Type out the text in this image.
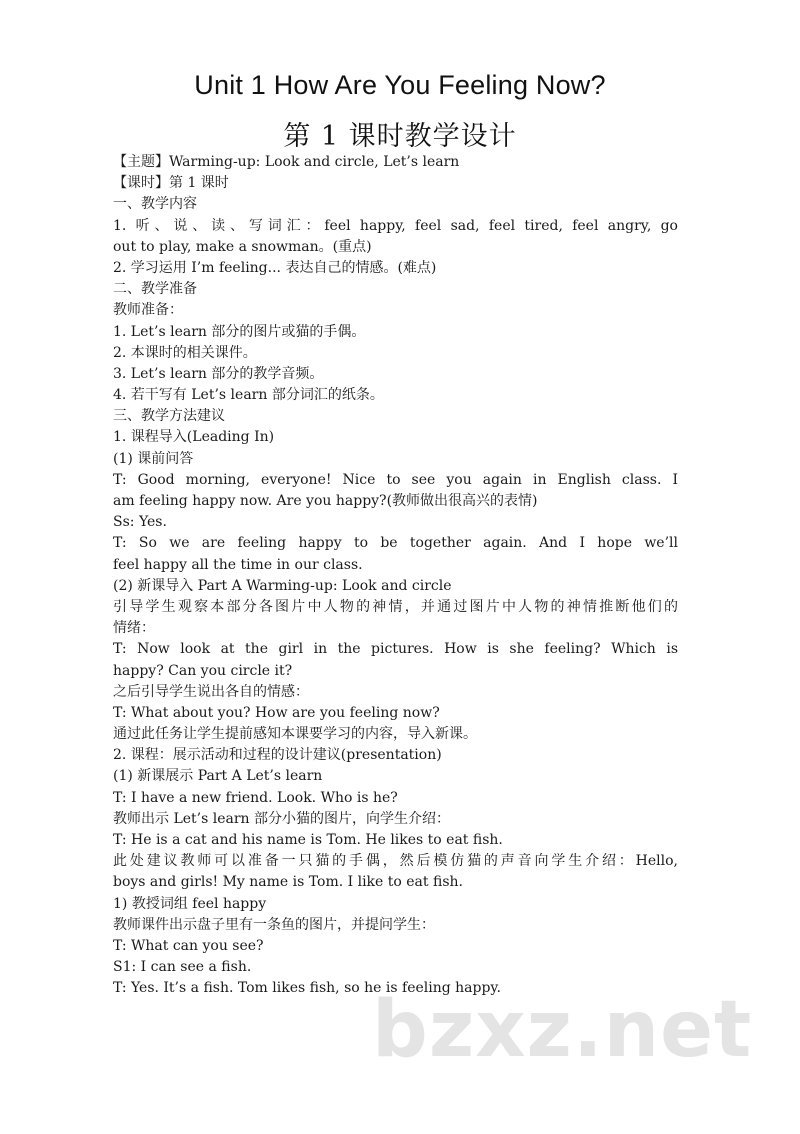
Unit 1 How Are You Feeling Now?
第 1 课时教学设计
【主题】Warming-up: Look and circle, Let’s learn
【课时】第 1 课时
一、教学内容
1. 听、说、读、写词汇：feel happy, feel sad, feel tired, feel angry, go
out to play, make a snowman。(重点)
2. 学习运用 I’m feeling... 表达自己的情感。(难点)
二、教学准备
教师准备：
1. Let’s learn 部分的图片或猫的手偶。
2. 本课时的相关课件。
3. Let’s learn 部分的教学音频。
4. 若干写有 Let’s learn 部分词汇的纸条。
三、教学方法建议
1. 课程导入(Leading In)
(1) 课前问答
T: Good morning, everyone! Nice to see you again in English class. I
am feeling happy now. Are you happy?(教师做出很高兴的表情)
Ss: Yes.
T: So we are feeling happy to be together again. And I hope we’ll
feel happy all the time in our class.
(2) 新课导入 Part A Warming-up: Look and circle
引导学生观察本部分各图片中人物的神情，并通过图片中人物的神情推断他们的
情绪：
T: Now look at the girl in the pictures. How is she feeling? Which is
happy? Can you circle it?
之后引导学生说出各自的情感：
T: What about you? How are you feeling now?
通过此任务让学生提前感知本课要学习的内容，导入新课。
2. 课程：展示活动和过程的设计建议(presentation)
(1) 新课展示 Part A Let’s learn
T: I have a new friend. Look. Who is he?
教师出示 Let’s learn 部分小猫的图片，向学生介绍：
T: He is a cat and his name is Tom. He likes to eat fish.
此处建议教师可以准备一只猫的手偶，然后模仿猫的声音向学生介绍：Hello,
boys and girls! My name is Tom. I like to eat fish.
1) 教授词组 feel happy
教师课件出示盘子里有一条鱼的图片，并提问学生：
T: What can you see?
S1: I can see a fish.
T: Yes. It’s a fish. Tom likes fish, so he is feeling happy.
bzxz.net
